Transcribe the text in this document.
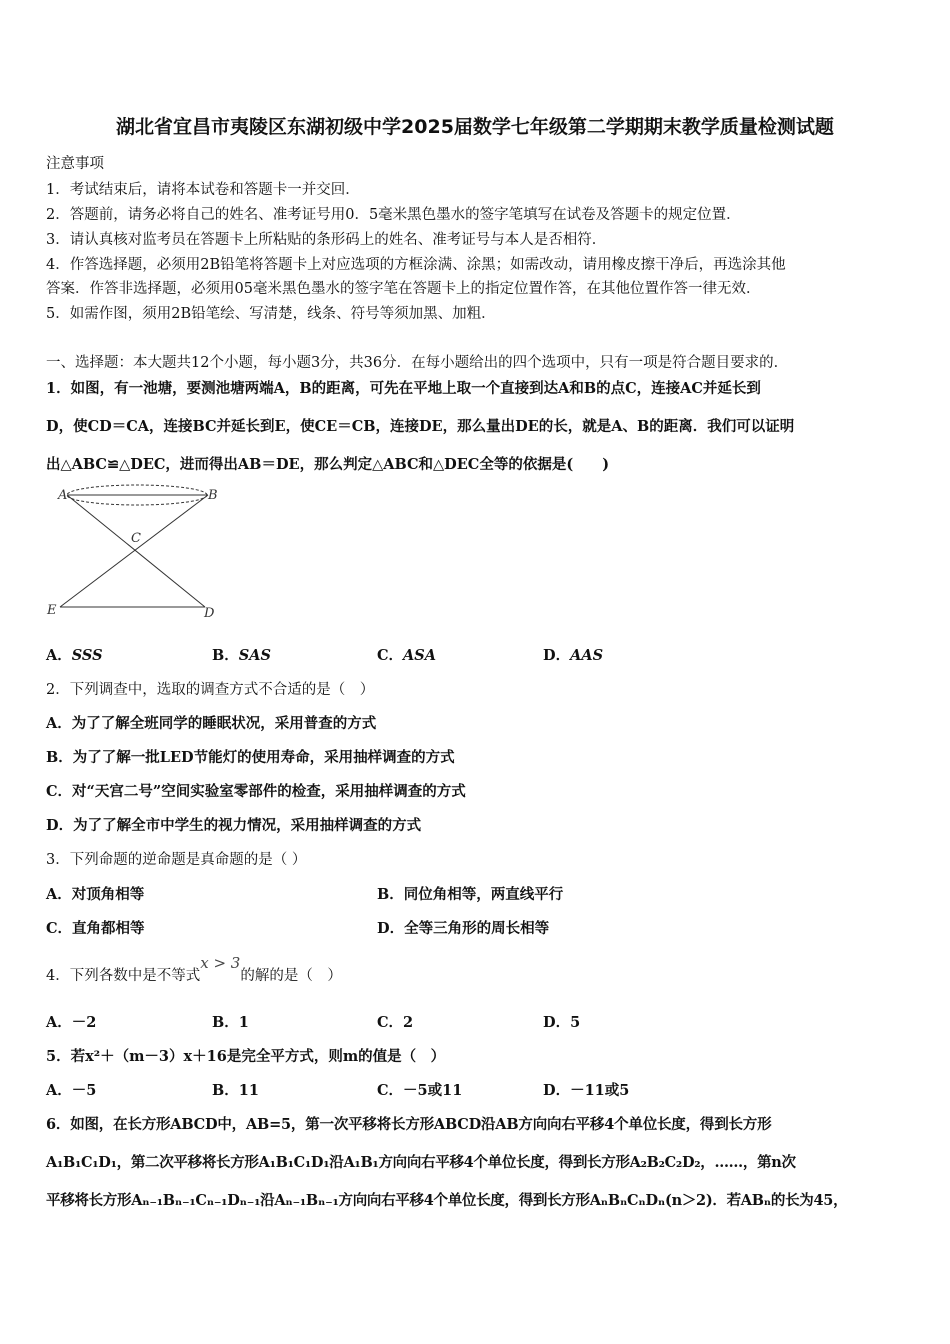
湖北省宜昌市夷陵区东湖初级中学2025届数学七年级第二学期期末教学质量检测试题
注意事项
1．考试结束后，请将本试卷和答题卡一并交回．
2．答题前，请务必将自己的姓名、准考证号用0．5毫米黑色墨水的签字笔填写在试卷及答题卡的规定位置．
3．请认真核对监考员在答题卡上所粘贴的条形码上的姓名、准考证号与本人是否相符．
4．作答选择题，必须用2B铅笔将答题卡上对应选项的方框涂满、涂黑；如需改动，请用橡皮擦干净后，再选涂其他
答案．作答非选择题，必须用05毫米黑色墨水的签字笔在答题卡上的指定位置作答，在其他位置作答一律无效．
5．如需作图，须用2B铅笔绘、写清楚，线条、符号等须加黑、加粗．
一、选择题：本大题共12个小题，每小题3分，共36分．在每小题给出的四个选项中，只有一项是符合题目要求的．
1．如图，有一池塘，要测池塘两端A，B的距离，可先在平地上取一个直接到达A和B的点C，连接AC并延长到
D，使CD＝CA，连接BC并延长到E，使CE＝CB，连接DE，那么量出DE的长，就是A、B的距离．我们可以证明
出△ABC≌△DEC，进而得出AB＝DE，那么判定△ABC和△DEC全等的依据是(　　)
A	B
C
E	D
A．SSS	B．SAS	C．ASA	D．AAS
2．下列调查中，选取的调查方式不合适的是（　）
A．为了了解全班同学的睡眠状况，采用普查的方式
B．为了了解一批LED节能灯的使用寿命，采用抽样调查的方式
C．对“天宫二号”空间实验室零部件的检查，采用抽样调查的方式
D．为了了解全市中学生的视力情况，采用抽样调查的方式
3．下列命题的逆命题是真命题的是（ ）
A．对顶角相等	B．同位角相等，两直线平行
C．直角都相等	D．全等三角形的周长相等
4．下列各数中是不等式x > 3的解的是（　）
A．－2	B．1	C．2	D．5
5．若x²＋（m－3）x＋16是完全平方式，则m的值是（　）
A．－5	B．11	C．－5或11	D．－11或5
6．如图，在长方形ABCD中，AB=5，第一次平移将长方形ABCD沿AB方向向右平移4个单位长度，得到长方形
A₁B₁C₁D₁，第二次平移将长方形A₁B₁C₁D₁沿A₁B₁方向向右平移4个单位长度，得到长方形A₂B₂C₂D₂，……，第n次
平移将长方形Aₙ₋₁Bₙ₋₁Cₙ₋₁Dₙ₋₁沿Aₙ₋₁Bₙ₋₁方向向右平移4个单位长度，得到长方形AₙBₙCₙDₙ(n＞2)．若ABₙ的长为45，
